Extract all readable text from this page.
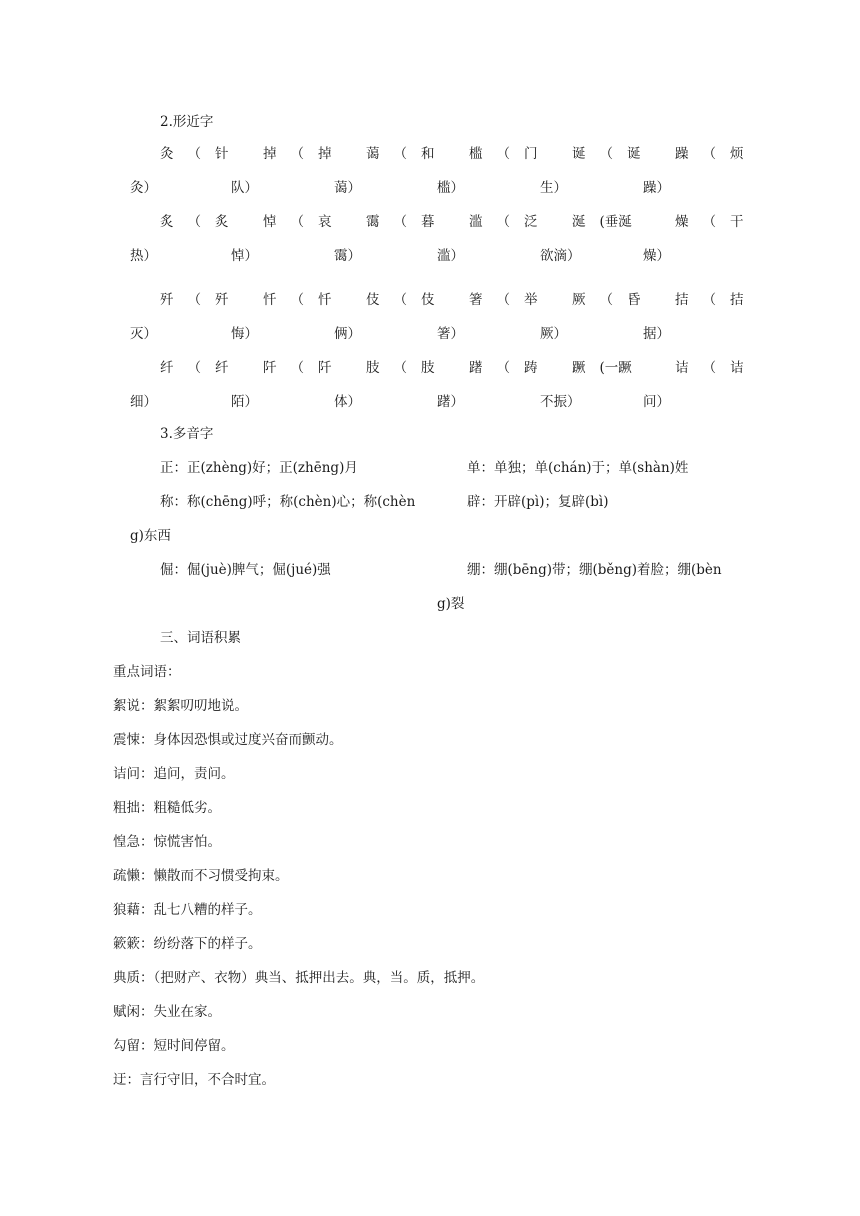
2.形近字
灸 （ 针
灸）
掉 （ 掉
队）
蔼 （ 和
蔼）
槛 （ 门
槛）
诞 （ 诞
生）
躁 （ 烦
躁）
炙 （ 炙
热）
悼 （ 哀
悼）
霭 （ 暮
霭）
滥 （ 泛
滥）
涎 (垂涎
欲滴）
燥 （ 干
燥）
歼 （ 歼
灭）
忏 （ 忏
悔）
伎 （ 伎
俩）
箸 （ 举
箸）
厥 （ 昏
厥）
拮 （ 拮
据）
纤 （ 纤
细）
阡 （ 阡
陌）
肢 （ 肢
体）
躇 （ 踌
躇）
蹶 (一蹶
不振）
诘 （ 诘
问）
3.多音字
正：正(zhèng)好；正(zhēng)月
称：称(chēng)呼；称(chèn)心；称(chèn
g)东西
倔：倔(juè)脾气；倔(jué)强
单：单独；单(chán)于；单(shàn)姓
辟：开辟(pì)；复辟(bì)
绷：绷(bēng)带；绷(běng)着脸；绷(bèn
g)裂
三、词语积累
重点词语：
絮说：絮絮叨叨地说。
震悚：身体因恐惧或过度兴奋而颤动。
诘问：追问，责问。
粗拙：粗糙低劣。
惶急：惊慌害怕。
疏懒：懒散而不习惯受拘束。
狼藉：乱七八糟的样子。
簌簌：纷纷落下的样子。
典质：（把财产、衣物）典当、抵押出去。典，当。质，抵押。
赋闲：失业在家。
勾留：短时间停留。
迂：言行守旧，不合时宜。
